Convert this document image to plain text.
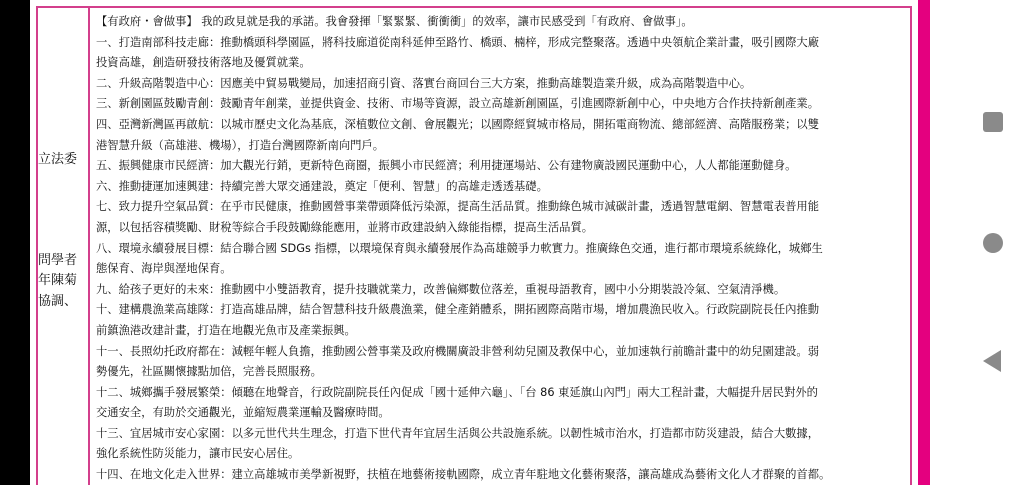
立法委
問學者
年陳菊
協調、
【有政府・會做事】 我的政見就是我的承諾。我會發揮「緊緊緊、衝衝衝」的效率，讓市民感受到「有政府、會做事」。
一、打造南部科技走廊：推動橋頭科學園區，將科技廊道從南科延伸至路竹、橋頭、楠梓，形成完整聚落。透過中央領航企業計畫，吸引國際大廠
投資高雄，創造研發技術落地及優質就業。
二、升級高階製造中心：因應美中貿易戰變局，加速招商引資、落實台商回台三大方案，推動高雄製造業升級，成為高階製造中心。
三、新創園區鼓勵青創：鼓勵青年創業，並提供資金、技術、市場等資源，設立高雄新創園區，引進國際新創中心，中央地方合作扶持新創產業。
四、亞灣新灣區再啟航：以城市歷史文化為基底，深植數位文創、會展觀光；以國際經貿城市格局，開拓電商物流、總部經濟、高階服務業；以雙
港智慧升級（高雄港、機場），打造台灣國際新南向門戶。
五、振興健康市民經濟：加大觀光行銷，更新特色商圈，振興小市民經濟；利用捷運場站、公有建物廣設國民運動中心，人人都能運動健身。
六、推動捷運加速興建：持續完善大眾交通建設，奠定「便利、智慧」的高雄走透透基礎。
七、致力提升空氣品質：在乎市民健康，推動國營事業帶頭降低污染源，提高生活品質。推動綠色城市減碳計畫，透過智慧電網、智慧電表普用能
源，以包括容積獎勵、財稅等綜合手段鼓勵綠能應用，並將市政建設納入綠能指標，提高生活品質。
八、環境永續發展目標：結合聯合國 SDGs 指標，以環境保育與永續發展作為高雄競爭力軟實力。推廣綠色交通，進行都市環境系統綠化，城鄉生
態保育、海岸與溼地保育。
九、給孩子更好的未來：推動國中小雙語教育，提升技職就業力，改善偏鄉數位落差，重視母語教育，國中小分期裝設冷氣、空氣清淨機。
十、建構農漁業高雄隊：打造高雄品牌，結合智慧科技升級農漁業，健全產銷體系，開拓國際高階市場，增加農漁民收入。行政院副院長任內推動
前鎮漁港改建計畫，打造在地觀光魚市及產業振興。
十一、長照幼托政府都在：減輕年輕人負擔，推動國公營事業及政府機關廣設非營利幼兒園及教保中心，並加速執行前瞻計畫中的幼兒園建設。弱
勢優先，社區關懷據點加倍，完善長照服務。
十二、城鄉攜手發展繁榮：傾聽在地聲音，行政院副院長任內促成「國十延伸六龜」、「台 86 東延旗山內門」兩大工程計畫，大幅提升居民對外的
交通安全，有助於交通觀光，並縮短農業運輸及醫療時間。
十三、宜居城市安心家園：以多元世代共生理念，打造下世代青年宜居生活與公共設施系統。以韌性城市治水，打造都市防災建設，結合大數據，
強化系統性防災能力，讓市民安心居住。
十四、在地文化走入世界：建立高雄城市美學新視野，扶植在地藝術接軌國際，成立青年駐地文化藝術聚落，讓高雄成為藝術文化人才群聚的首都。
